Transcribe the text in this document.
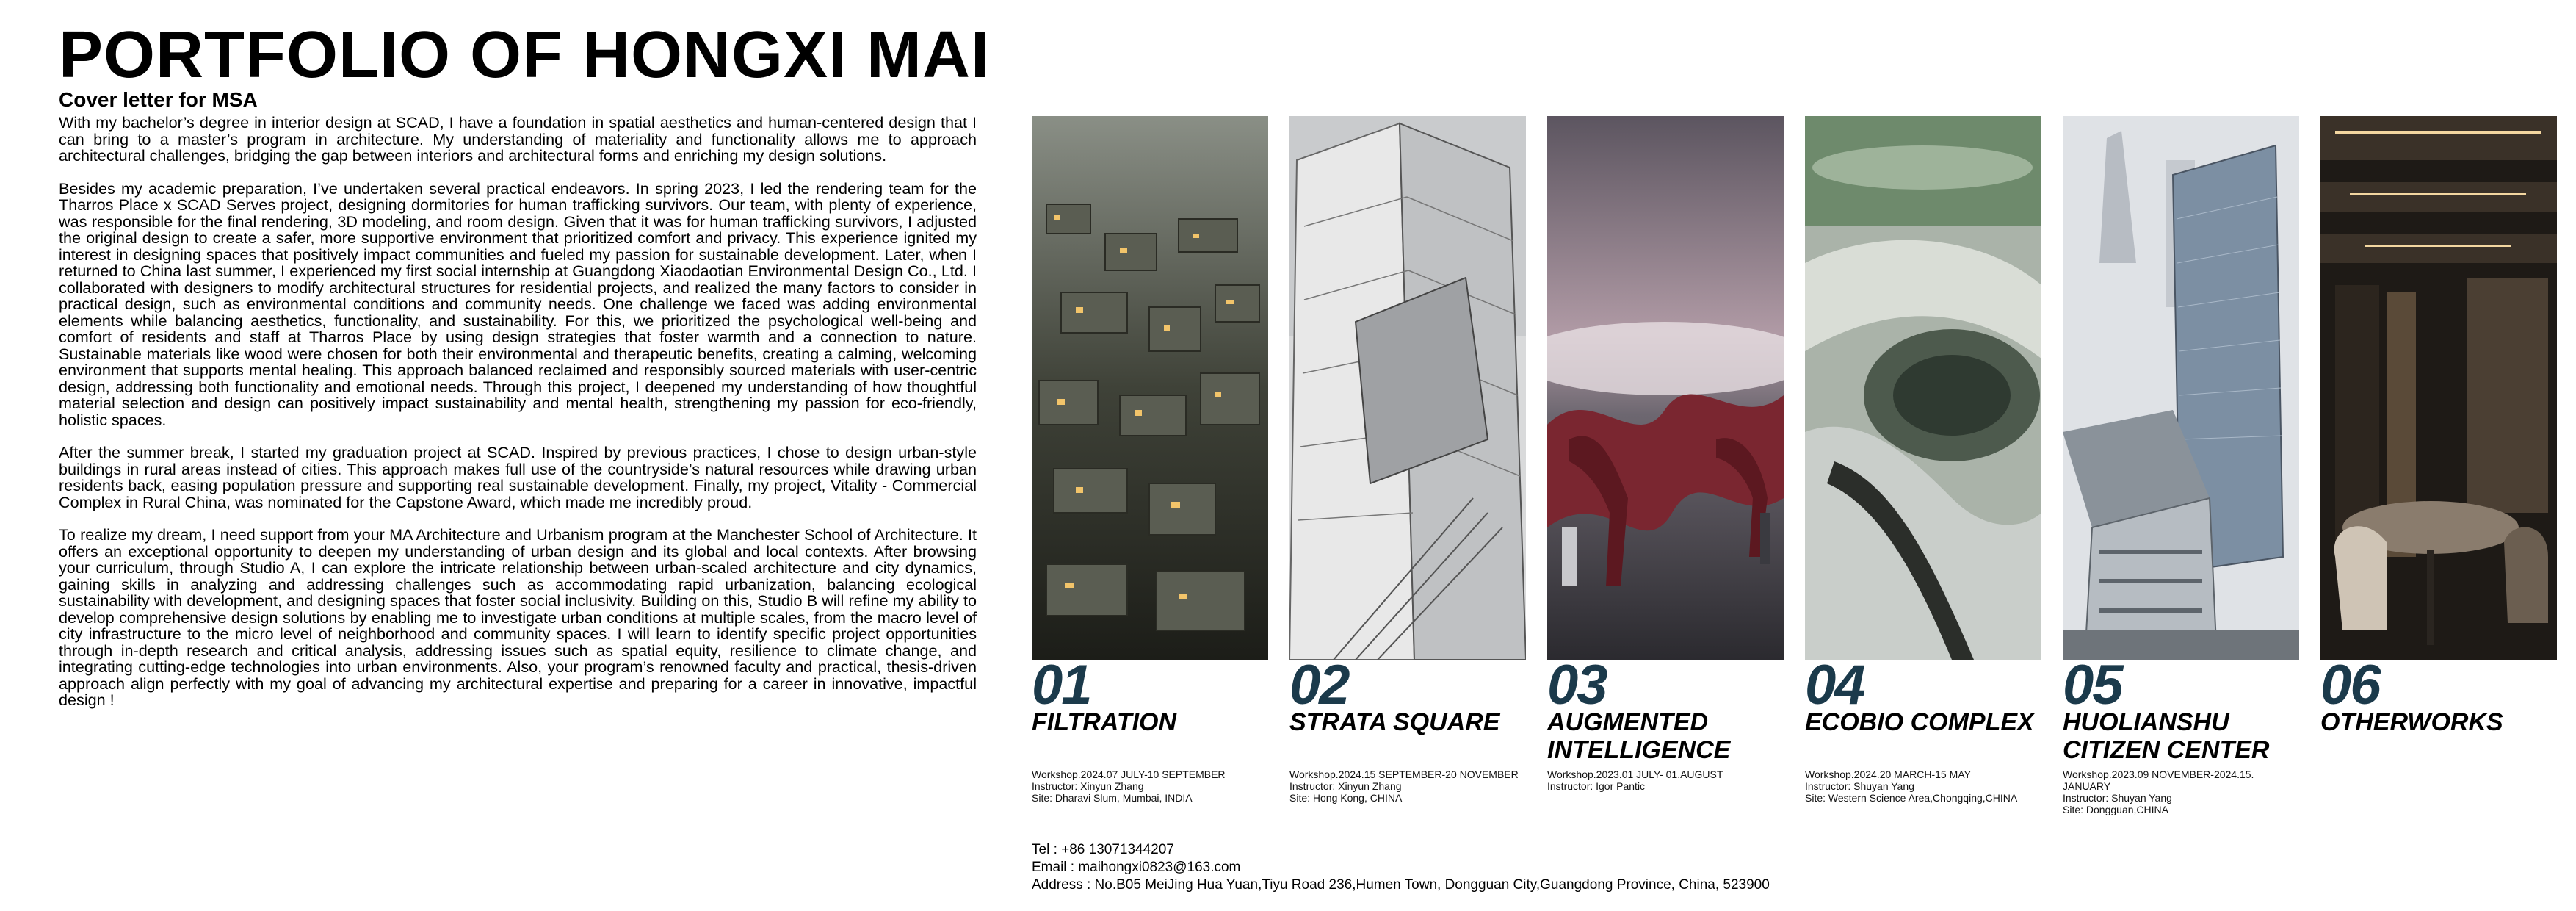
PORTFOLIO OF HONGXI MAI
Cover letter for MSA

With my bachelor’s degree in interior design at SCAD, I have a foundation in spatial aesthetics and human-centered design that I can bring to a master’s program in architecture. My understanding of materiality and functionality allows me to approach architectural challenges, bridging the gap between interiors and architectural forms and enriching my design solutions.

Besides my academic preparation, I’ve undertaken several practical endeavors. In spring 2023, I led the rendering team for the Tharros Place x SCAD Serves project, designing dormitories for human trafficking survivors. Our team, with plenty of experience, was responsible for the final rendering, 3D modeling, and room design. Given that it was for human trafficking survivors, I adjusted the original design to create a safer, more supportive environment that prioritized comfort and privacy. This experience ignited my interest in designing spaces that positively impact communities and fueled my passion for sustainable development. Later, when I returned to China last summer, I experienced my first social internship at Guangdong Xiaodaotian Environmental Design Co., Ltd. I collaborated with designers to modify architectural structures for residential projects, and realized the many factors to consider in practical design, such as environmental conditions and community needs. One challenge we faced was adding environmental elements while balancing aesthetics, functionality, and sustainability. For this, we prioritized the psychological well-being and comfort of residents and staff at Tharros Place by using design strategies that foster warmth and a connection to nature. Sustainable materials like wood were chosen for both their environmental and therapeutic benefits, creating a calming, welcoming environment that supports mental healing. This approach balanced reclaimed and responsibly sourced materials with user-centric design, addressing both functionality and emotional needs. Through this project, I deepened my understanding of how thoughtful material selection and design can positively impact sustainability and mental health, strengthening my passion for eco-friendly, holistic spaces.

After the summer break, I started my graduation project at SCAD. Inspired by previous practices, I chose to design urban-style buildings in rural areas instead of cities. This approach makes full use of the countryside’s natural resources while drawing urban residents back, easing population pressure and supporting real sustainable development. Finally, my project, Vitality - Commercial Complex in Rural China, was nominated for the Capstone Award, which made me incredibly proud.

To realize my dream, I need support from your MA Architecture and Urbanism program at the Manchester School of Architecture. It offers an exceptional opportunity to deepen my understanding of urban design and its global and local contexts. After browsing your curriculum, through Studio A, I can explore the intricate relationship between urban-scaled architecture and city dynamics, gaining skills in analyzing and addressing challenges such as accommodating rapid urbanization, balancing ecological sustainability with development, and designing spaces that foster social inclusivity. Building on this, Studio B will refine my ability to develop comprehensive design solutions by enabling me to investigate urban conditions at multiple scales, from the macro level of city infrastructure to the micro level of neighborhood and community spaces. I will learn to identify specific project opportunities through in-depth research and critical analysis, addressing issues such as spatial equity, resilience to climate change, and integrating cutting-edge technologies into urban environments. Also, your program’s renowned faculty and practical, thesis-driven approach align perfectly with my goal of advancing my architectural expertise and preparing for a career in innovative, impactful design !	01
FILTRATION
Workshop.2024.07 JULY-10 SEPTEMBER
Instructor: Xinyun Zhang
Site: Dharavi Slum, Mumbai, INDIA
02
STRATA SQUARE
Workshop.2024.15 SEPTEMBER-20 NOVEMBER
Instructor: Xinyun Zhang
Site: Hong Kong, CHINA
03
AUGMENTED
INTELLIGENCE
Workshop.2023.01 JULY- 01.AUGUST
Instructor: Igor Pantic
04
ECOBIO COMPLEX
Workshop.2024.20 MARCH-15 MAY
Instructor: Shuyan Yang
Site: Western Science Area,Chongqing,CHINA
05
HUOLIANSHU
CITIZEN CENTER
Workshop.2023.09 NOVEMBER-2024.15.
JANUARY
Instructor: Shuyan Yang
Site: Dongguan,CHINA
06
OTHERWORKS
Tel : +86 13071344207
Email : maihongxi0823@163.com
Address : No.B05 MeiJing Hua Yuan,Tiyu Road 236,Humen Town, Dongguan City,Guangdong Province, China, 523900
